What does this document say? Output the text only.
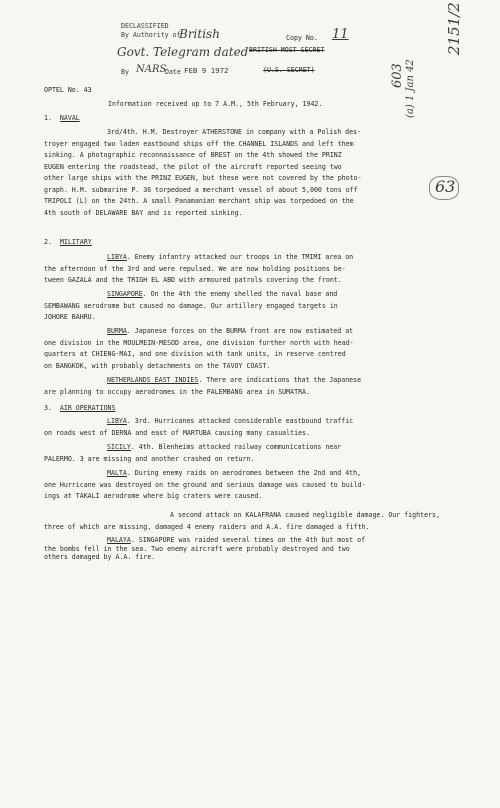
DECLASSIFIED
By Authority of
British
Govt. Telegram dated
By NARS
Date FEB 9 1972
Copy No. 11
BRITISH MOST SECRET
(U.S. SECRET)
2151/2
(a) 1 Jan 42
603
63
OPTEL No. 43
Information received up to 7 A.M., 5th February, 1942.
1. NAVAL

3rd/4th. H.M. Destroyer ATHERSTONE in company with a Polish des-

troyer engaged two laden eastbound ships off the CHANNEL ISLANDS and left them

sinking. A photographic reconnaissance of BREST on the 4th showed the PRINZ

EUGEN entering the roadstead, the pilot of the aircraft reported seeing two

other large ships with the PRINZ EUGEN, but these were not covered by the photo-

graph. H.M. submarine P. 36 torpedoed a merchant vessel of about 5,000 tons off

TRIPOLI (L) on the 24th. A small Panamanian merchant ship was torpedoed on the

4th south of DELAWARE BAY and is reported sinking.

2. MILITARY

LIBYA. Enemy infantry attacked our troops in the TMIMI area on

the afternoon of the 3rd and were repulsed. We are now holding positions be-

tween GAZALA and the TRIGH EL ABD with armoured patrols covering the front.

SINGAPORE. On the 4th the enemy shelled the naval base and

SEMBAWANG aerodrome but caused no damage. Our artillery engaged targets in

JOHORE BAHRU.

BURMA. Japanese forces on the BURMA front are now estimated at

one division in the MOULMEIN-MESOD area, one division further north with head-

quarters at CHIENG-MAI, and one division with tank units, in reserve centred

on BANGKOK, with probably detachments on the TAVOY COAST.

NETHERLANDS EAST INDIES. There are indications that the Japanese

are planning to occupy aerodromes in the PALEMBANG area in SUMATRA.

3. AIR OPERATIONS

LIBYA. 3rd. Hurricanes attacked considerable eastbound traffic

on roads west of DERNA and east of MARTUBA causing many casualties.

SICILY. 4th. Blenheims attacked railway communications near

PALERMO. 3 are missing and another crashed on return.

MALTA. During enemy raids on aerodromes between the 2nd and 4th,

one Hurricane was destroyed on the ground and serious damage was caused to build-

ings at TAKALI aerodrome where big craters were caused.

A second attack on KALAFRANA caused negligible damage. Our fighters,

three of which are missing, damaged 4 enemy raiders and A.A. fire damaged a fifth.

MALAYA. SINGAPORE was raided several times on the 4th but most of

the bombs fell in the sea. Two enemy aircraft were probably destroyed and two

others damaged by A.A. fire.
